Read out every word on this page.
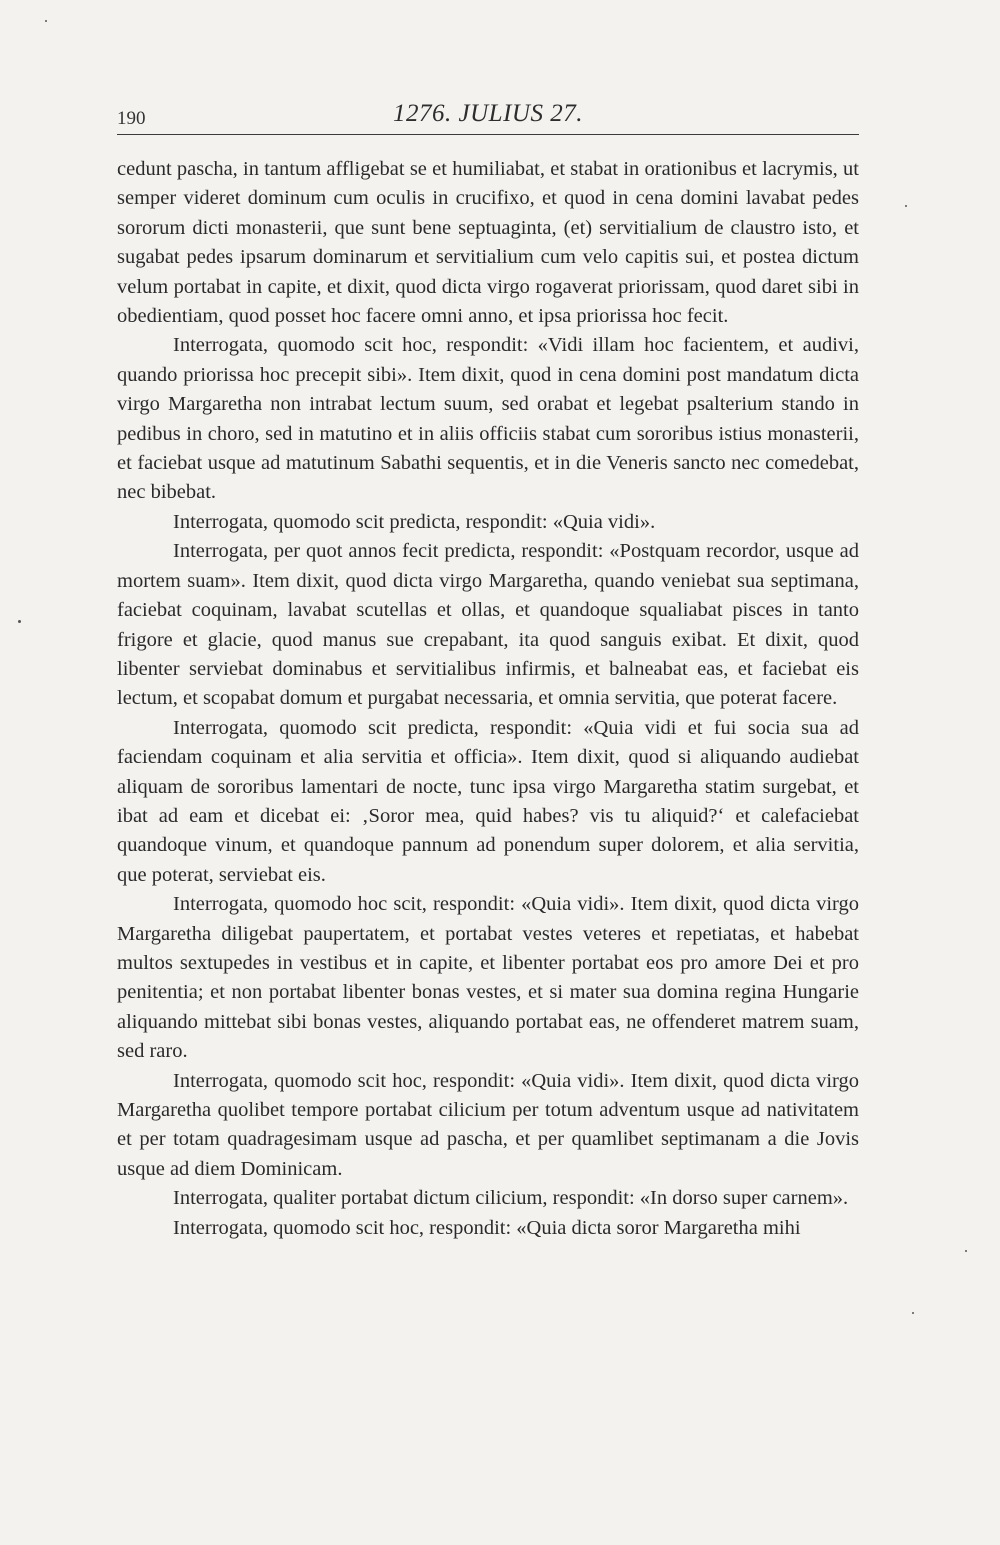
190	1276. JULIUS 27.

cedunt pascha, in tantum affligebat se et humiliabat, et stabat in orationibus et lacrymis, ut semper videret dominum cum oculis in crucifixo, et quod in cena domini lavabat pedes sororum dicti monasterii, que sunt bene septuaginta, (et) servitialium de claustro isto, et sugabat pedes ipsarum dominarum et servitialium cum velo capitis sui, et postea dictum velum portabat in capite, et dixit, quod dicta virgo rogaverat priorissam, quod daret sibi in obedientiam, quod posset hoc facere omni anno, et ipsa priorissa hoc fecit.

Interrogata, quomodo scit hoc, respondit: «Vidi illam hoc facientem, et audivi, quando priorissa hoc precepit sibi». Item dixit, quod in cena domini post mandatum dicta virgo Margaretha non intrabat lectum suum, sed orabat et legebat psalterium stando in pedibus in choro, sed in matutino et in aliis officiis stabat cum sororibus istius monasterii, et faciebat usque ad matutinum Sabathi sequentis, et in die Veneris sancto nec comedebat, nec bibebat.

Interrogata, quomodo scit predicta, respondit: «Quia vidi».

Interrogata, per quot annos fecit predicta, respondit: «Postquam recordor, usque ad mortem suam». Item dixit, quod dicta virgo Margaretha, quando veniebat sua septimana, faciebat coquinam, lavabat scutellas et ollas, et quandoque squaliabat pisces in tanto frigore et glacie, quod manus sue crepabant, ita quod sanguis exibat. Et dixit, quod libenter serviebat dominabus et servitialibus infirmis, et balneabat eas, et faciebat eis lectum, et scopabat domum et purgabat necessaria, et omnia servitia, que poterat facere.

Interrogata, quomodo scit predicta, respondit: «Quia vidi et fui socia sua ad faciendam coquinam et alia servitia et officia». Item dixit, quod si aliquando audiebat aliquam de sororibus lamentari de nocte, tunc ipsa virgo Margaretha statim surgebat, et ibat ad eam et dicebat ei: ‚Soror mea, quid habes? vis tu aliquid?‘ et calefaciebat quandoque vinum, et quandoque pannum ad ponendum super dolorem, et alia servitia, que poterat, serviebat eis.

Interrogata, quomodo hoc scit, respondit: «Quia vidi». Item dixit, quod dicta virgo Margaretha diligebat paupertatem, et portabat vestes veteres et repetiatas, et habebat multos sextupedes in vestibus et in capite, et libenter portabat eos pro amore Dei et pro penitentia; et non portabat libenter bonas vestes, et si mater sua domina regina Hungarie aliquando mittebat sibi bonas vestes, aliquando portabat eas, ne offenderet matrem suam, sed raro.

Interrogata, quomodo scit hoc, respondit: «Quia vidi». Item dixit, quod dicta virgo Margaretha quolibet tempore portabat cilicium per totum adventum usque ad nativitatem et per totam quadragesimam usque ad pascha, et per quamlibet septimanam a die Jovis usque ad diem Dominicam.

Interrogata, qualiter portabat dictum cilicium, respondit: «In dorso super carnem».

Interrogata, quomodo scit hoc, respondit: «Quia dicta soror Margaretha mihi
